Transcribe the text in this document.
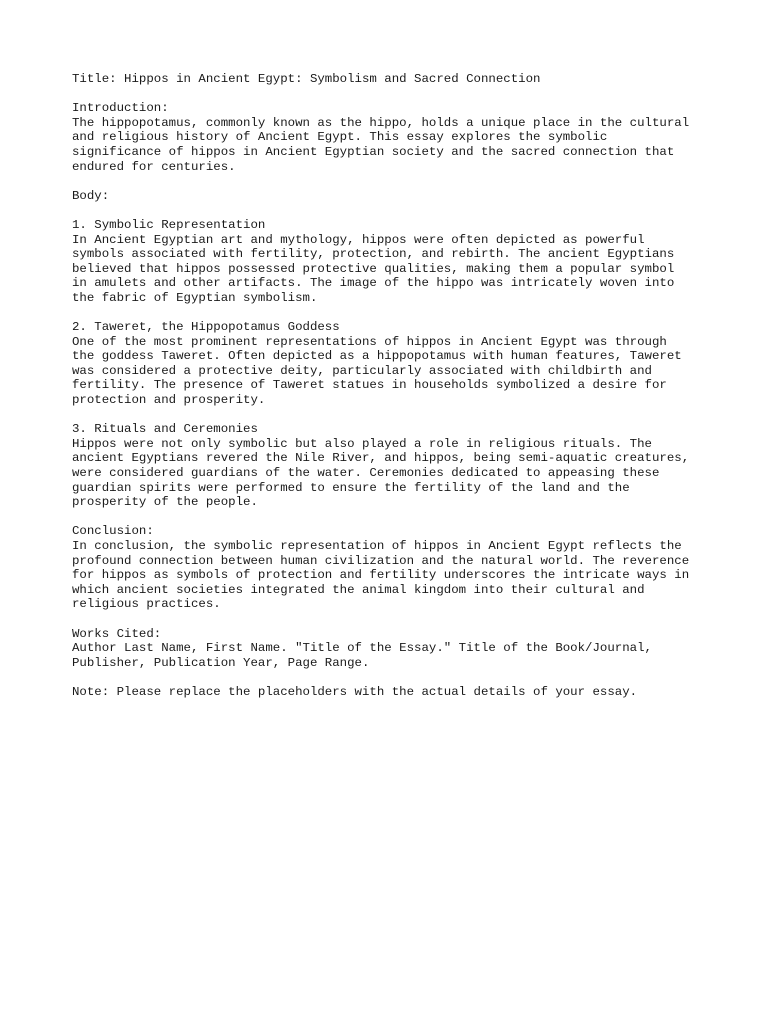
Title: Hippos in Ancient Egypt: Symbolism and Sacred Connection
Introduction:
The hippopotamus, commonly known as the hippo, holds a unique place in the cultural
and religious history of Ancient Egypt. This essay explores the symbolic
significance of hippos in Ancient Egyptian society and the sacred connection that
endured for centuries.
Body:
1. Symbolic Representation
In Ancient Egyptian art and mythology, hippos were often depicted as powerful
symbols associated with fertility, protection, and rebirth. The ancient Egyptians
believed that hippos possessed protective qualities, making them a popular symbol
in amulets and other artifacts. The image of the hippo was intricately woven into
the fabric of Egyptian symbolism.
2. Taweret, the Hippopotamus Goddess
One of the most prominent representations of hippos in Ancient Egypt was through
the goddess Taweret. Often depicted as a hippopotamus with human features, Taweret
was considered a protective deity, particularly associated with childbirth and
fertility. The presence of Taweret statues in households symbolized a desire for
protection and prosperity.
3. Rituals and Ceremonies
Hippos were not only symbolic but also played a role in religious rituals. The
ancient Egyptians revered the Nile River, and hippos, being semi-aquatic creatures,
were considered guardians of the water. Ceremonies dedicated to appeasing these
guardian spirits were performed to ensure the fertility of the land and the
prosperity of the people.
Conclusion:
In conclusion, the symbolic representation of hippos in Ancient Egypt reflects the
profound connection between human civilization and the natural world. The reverence
for hippos as symbols of protection and fertility underscores the intricate ways in
which ancient societies integrated the animal kingdom into their cultural and
religious practices.
Works Cited:
Author Last Name, First Name. "Title of the Essay." Title of the Book/Journal,
Publisher, Publication Year, Page Range.
Note: Please replace the placeholders with the actual details of your essay.
